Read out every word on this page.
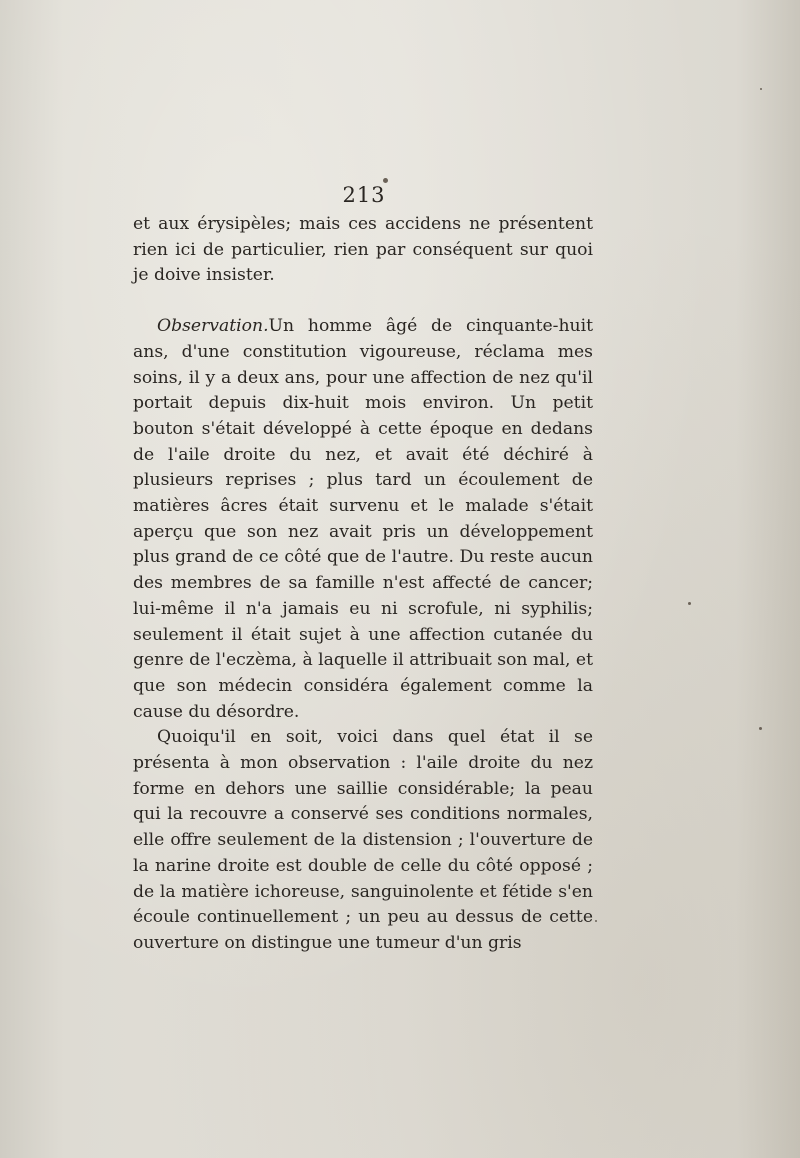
213

et aux érysipèles; mais ces accidens ne présentent rien ici de particulier, rien par conséquent sur quoi je doive insister.

Observation.Un homme âgé de cinquante-huit ans, d'une constitution vigoureuse, réclama mes soins, il y a deux ans, pour une affection de nez qu'il portait depuis dix-huit mois environ. Un petit bouton s'était développé à cette époque en dedans de l'aile droite du nez, et avait été déchiré à plusieurs reprises ; plus tard un écoulement de matières âcres était survenu et le malade s'était aperçu que son nez avait pris un développement plus grand de ce côté que de l'autre. Du reste aucun des membres de sa famille n'est affecté de cancer; lui-même il n'a jamais eu ni scrofule, ni syphilis; seulement il était sujet à une affection cutanée du genre de l'eczèma, à laquelle il attribuait son mal, et que son médecin considéra également comme la cause du désordre.

Quoiqu'il en soit, voici dans quel état il se présenta à mon observation : l'aile droite du nez forme en dehors une saillie considérable; la peau qui la recouvre a conservé ses conditions normales, elle offre seulement de la distension ; l'ouverture de la narine droite est double de celle du côté opposé ; de la matière ichoreuse, sanguinolente et fétide s'en écoule continuellement ; un peu au dessus de cette ouverture on distingue une tumeur d'un gris
